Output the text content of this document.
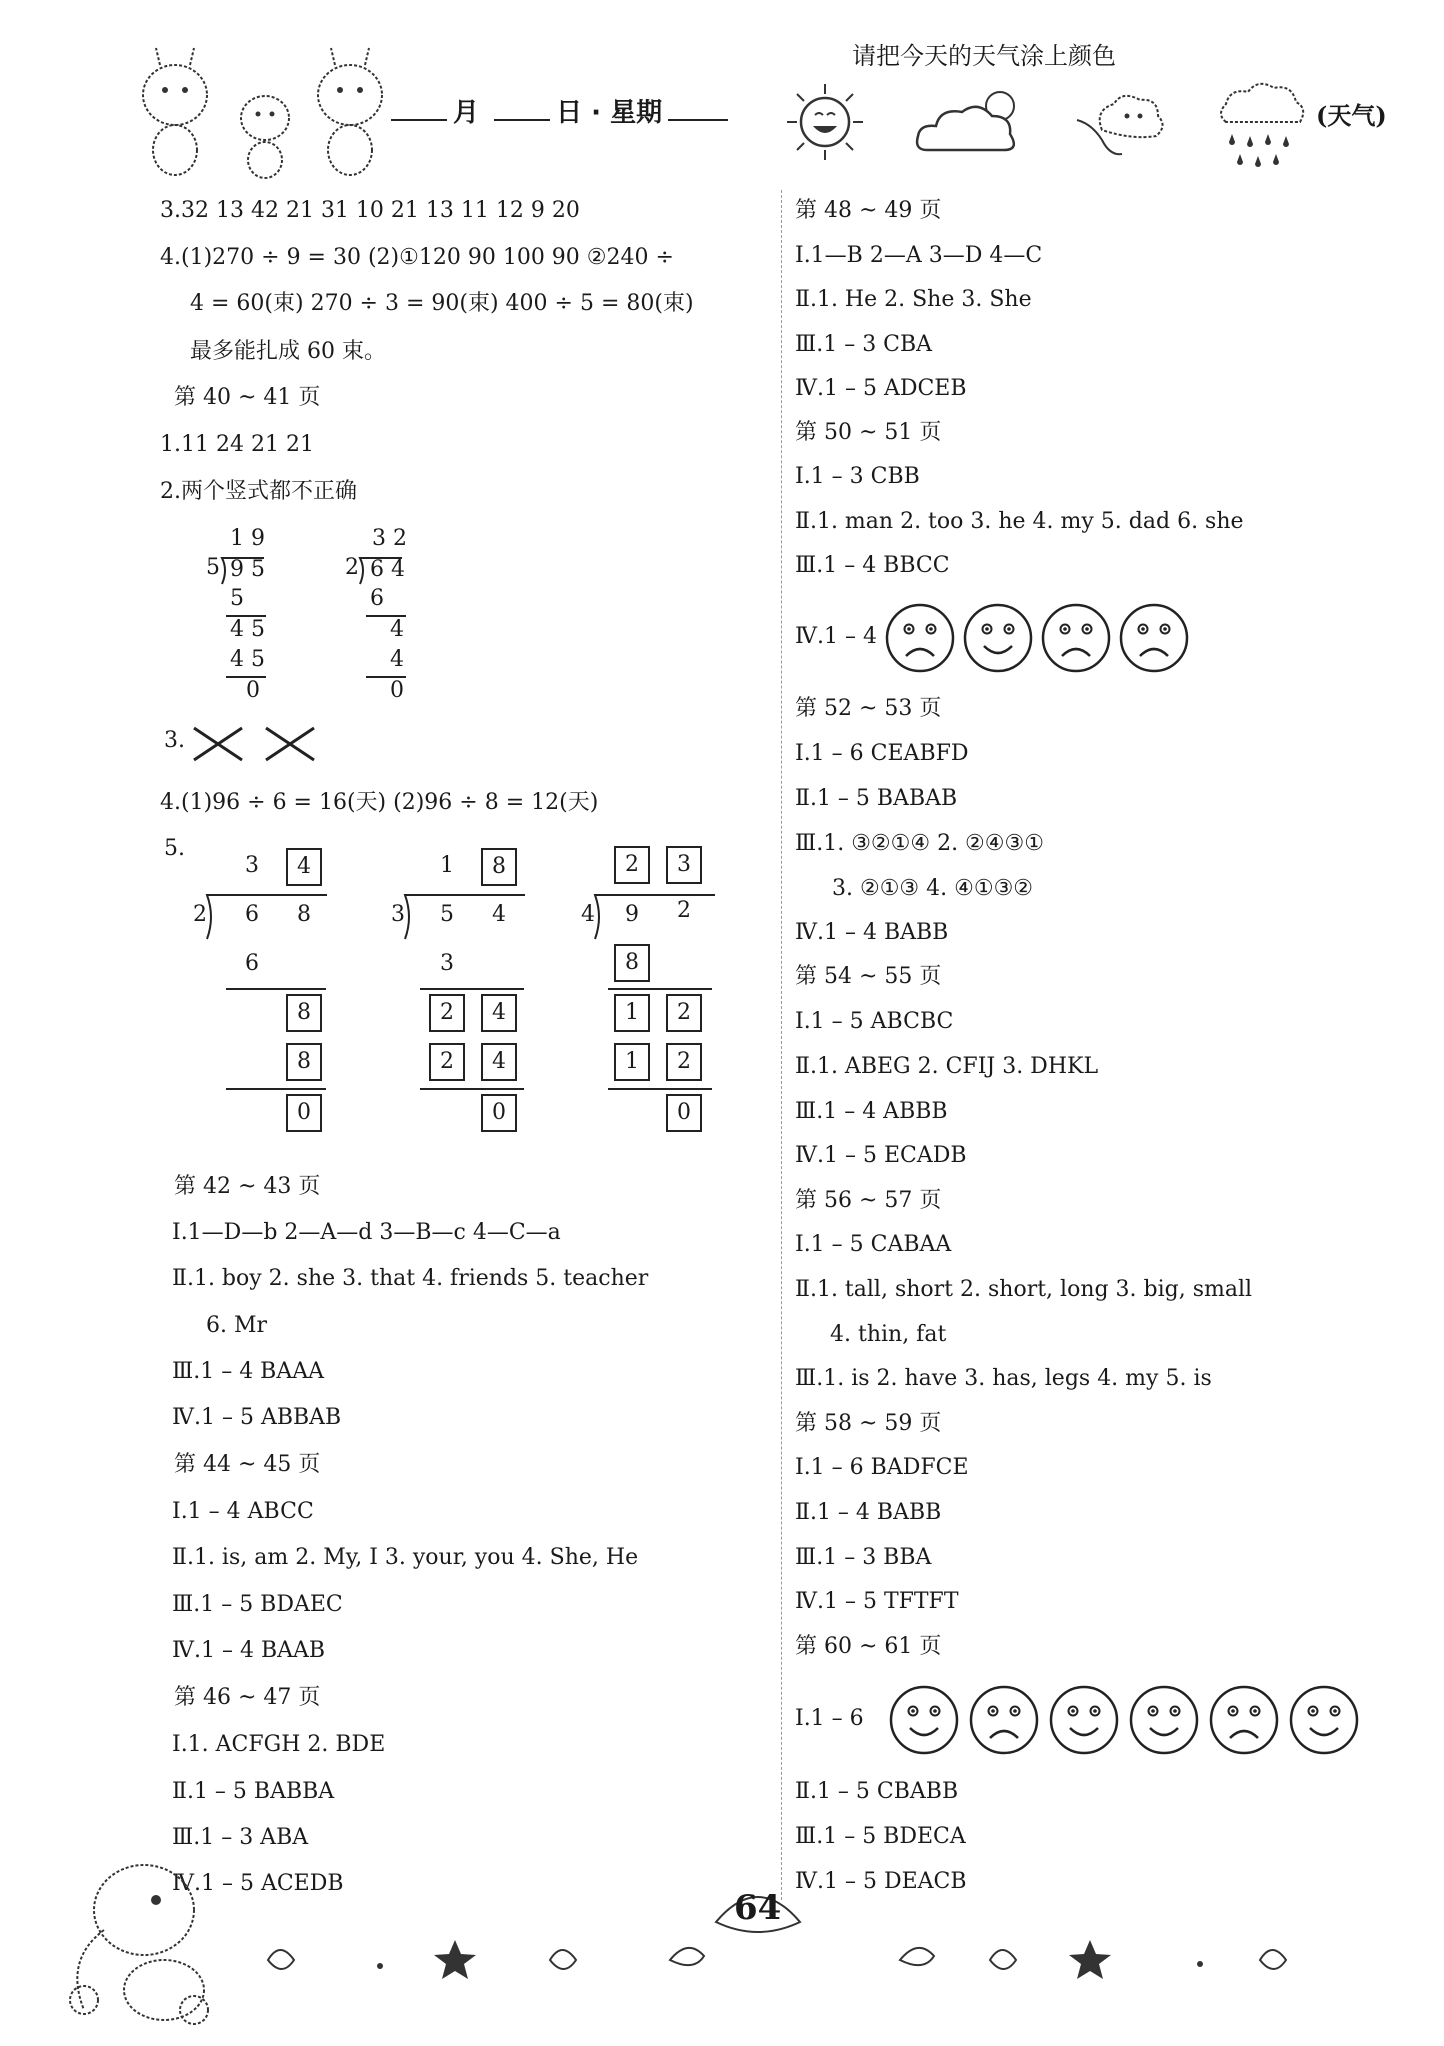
月	日 · 星期
请把今天的天气涂上颜色
(天气)
3.32 13 42 21 31 10 21 13 11 12 9 20
4.(1)270 ÷ 9 = 30 (2)①120 90 100 90 ②240 ÷
4 = 60(束) 270 ÷ 3 = 90(束) 400 ÷ 5 = 80(束)
最多能扎成 60 束。
第 40 ~ 41 页
1.11 24 21 21
2.两个竖式都不正确
1 9
5 9 5
5
4 5
4 5
0
3 2
2 6 4
6
4
4
0
3.
4.(1)96 ÷ 6 = 16(天) (2)96 ÷ 8 = 12(天)
5.
3	4
2 6 8
6
8
8
0
1	8
3 5 4
3
2	4
2	4
0
2	3
4 9 2
8
1	2
1	2
0
第 42 ~ 43 页
Ⅰ.1—D—b 2—A—d 3—B—c 4—C—a
Ⅱ.1. boy 2. she 3. that 4. friends 5. teacher
6. Mr
Ⅲ.1 – 4 BAAA
Ⅳ.1 – 5 ABBAB
第 44 ~ 45 页
Ⅰ.1 – 4 ABCC
Ⅱ.1. is, am 2. My, I 3. your, you 4. She, He
Ⅲ.1 – 5 BDAEC
Ⅳ.1 – 4 BAAB
第 46 ~ 47 页
Ⅰ.1. ACFGH 2. BDE
Ⅱ.1 – 5 BABBA
Ⅲ.1 – 3 ABA
Ⅳ.1 – 5 ACEDB
第 48 ~ 49 页
Ⅰ.1—B 2—A 3—D 4—C
Ⅱ.1. He 2. She 3. She
Ⅲ.1 – 3 CBA
Ⅳ.1 – 5 ADCEB
第 50 ~ 51 页
Ⅰ.1 – 3 CBB
Ⅱ.1. man 2. too 3. he 4. my 5. dad 6. she
Ⅲ.1 – 4 BBCC
Ⅳ.1 – 4
第 52 ~ 53 页
Ⅰ.1 – 6 CEABFD
Ⅱ.1 – 5 BABAB
Ⅲ.1. ③②①④ 2. ②④③①
3. ②①③ 4. ④①③②
Ⅳ.1 – 4 BABB
第 54 ~ 55 页
Ⅰ.1 – 5 ABCBC
Ⅱ.1. ABEG 2. CFIJ 3. DHKL
Ⅲ.1 – 4 ABBB
Ⅳ.1 – 5 ECADB
第 56 ~ 57 页
Ⅰ.1 – 5 CABAA
Ⅱ.1. tall, short 2. short, long 3. big, small
4. thin, fat
Ⅲ.1. is 2. have 3. has, legs 4. my 5. is
第 58 ~ 59 页
Ⅰ.1 – 6 BADFCE
Ⅱ.1 – 4 BABB
Ⅲ.1 – 3 BBA
Ⅳ.1 – 5 TFTFT
第 60 ~ 61 页
Ⅰ.1 – 6
Ⅱ.1 – 5 CBABB
Ⅲ.1 – 5 BDECA
Ⅳ.1 – 5 DEACB
64
